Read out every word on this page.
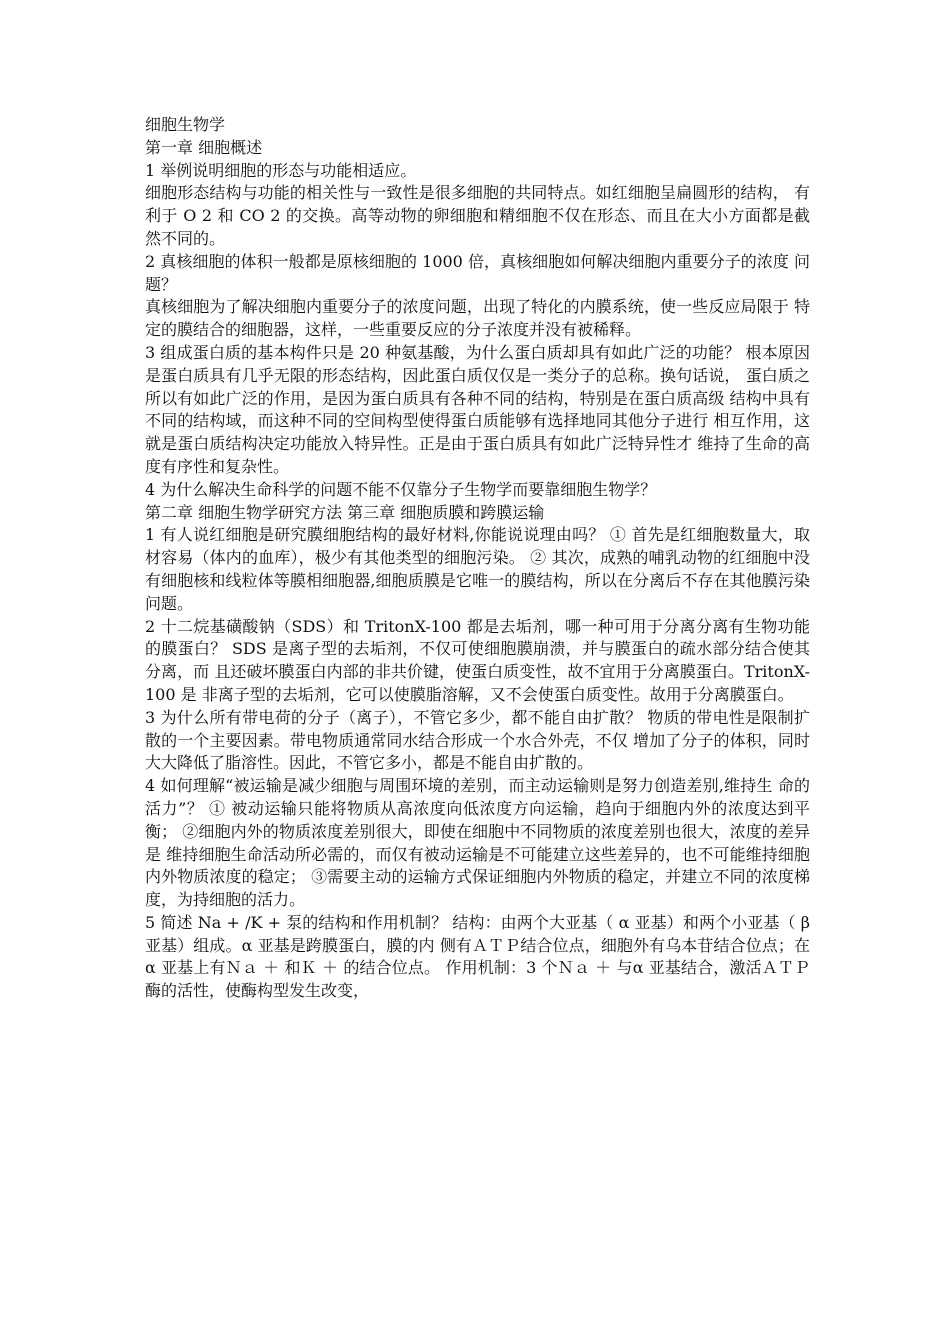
细胞生物学

第一章 细胞概述

1 举例说明细胞的形态与功能相适应。

细胞形态结构与功能的相关性与一致性是很多细胞的共同特点。如红细胞呈扁圆形的结构， 有利于 O 2 和 CO 2 的交换。高等动物的卵细胞和精细胞不仅在形态、而且在大小方面都是截 然不同的。

2 真核细胞的体积一般都是原核细胞的 1000 倍，真核细胞如何解决细胞内重要分子的浓度 问题？

真核细胞为了解决细胞内重要分子的浓度问题，出现了特化的内膜系统，使一些反应局限于 特定的膜结合的细胞器，这样，一些重要反应的分子浓度并没有被稀释。

3 组成蛋白质的基本构件只是 20 种氨基酸，为什么蛋白质却具有如此广泛的功能？ 根本原因是蛋白质具有几乎无限的形态结构，因此蛋白质仅仅是一类分子的总称。换句话说， 蛋白质之所以有如此广泛的作用，是因为蛋白质具有各种不同的结构，特别是在蛋白质高级 结构中具有不同的结构域，而这种不同的空间构型使得蛋白质能够有选择地同其他分子进行 相互作用，这就是蛋白质结构决定功能放入特异性。正是由于蛋白质具有如此广泛特异性才 维持了生命的高度有序性和复杂性。

4 为什么解决生命科学的问题不能不仅靠分子生物学而要靠细胞生物学？

第二章 细胞生物学研究方法 第三章 细胞质膜和跨膜运输

1 有人说红细胞是研究膜细胞结构的最好材料,你能说说理由吗？ ① 首先是红细胞数量大，取材容易（体内的血库），极少有其他类型的细胞污染。 ② 其次，成熟的哺乳动物的红细胞中没有细胞核和线粒体等膜相细胞器,细胞质膜是它唯一的膜结构，所以在分离后不存在其他膜污染问题。

2 十二烷基磺酸钠（SDS）和 TritonX-100 都是去垢剂，哪一种可用于分离分离有生物功能 的膜蛋白？ SDS 是离子型的去垢剂，不仅可使细胞膜崩溃，并与膜蛋白的疏水部分结合使其分离，而 且还破坏膜蛋白内部的非共价键，使蛋白质变性，故不宜用于分离膜蛋白。TritonX-100 是 非离子型的去垢剂，它可以使膜脂溶解，又不会使蛋白质变性。故用于分离膜蛋白。

3 为什么所有带电荷的分子（离子），不管它多少，都不能自由扩散？ 物质的带电性是限制扩散的一个主要因素。带电物质通常同水结合形成一个水合外壳，不仅 增加了分子的体积，同时大大降低了脂溶性。因此，不管它多小，都是不能自由扩散的。

4 如何理解“被运输是减少细胞与周围环境的差别，而主动运输则是努力创造差别,维持生 命的活力”？ ① 被动运输只能将物质从高浓度向低浓度方向运输，趋向于细胞内外的浓度达到平衡； ②细胞内外的物质浓度差别很大，即使在细胞中不同物质的浓度差别也很大，浓度的差异是 维持细胞生命活动所必需的，而仅有被动运输是不可能建立这些差异的，也不可能维持细胞 内外物质浓度的稳定； ③需要主动的运输方式保证细胞内外物质的稳定，并建立不同的浓度梯度，为持细胞的活力。

5 简述 Na + /K + 泵的结构和作用机制？ 结构：由两个大亚基（ α 亚基）和两个小亚基（ β 亚基）组成。α 亚基是跨膜蛋白，膜的内 侧有ＡＴＰ结合位点，细胞外有乌本苷结合位点；在α 亚基上有Ｎａ ＋ 和Ｋ ＋ 的结合位点。 作用机制：3 个Ｎａ ＋ 与α 亚基结合，激活ＡＴＰ酶的活性，使酶构型发生改变，
